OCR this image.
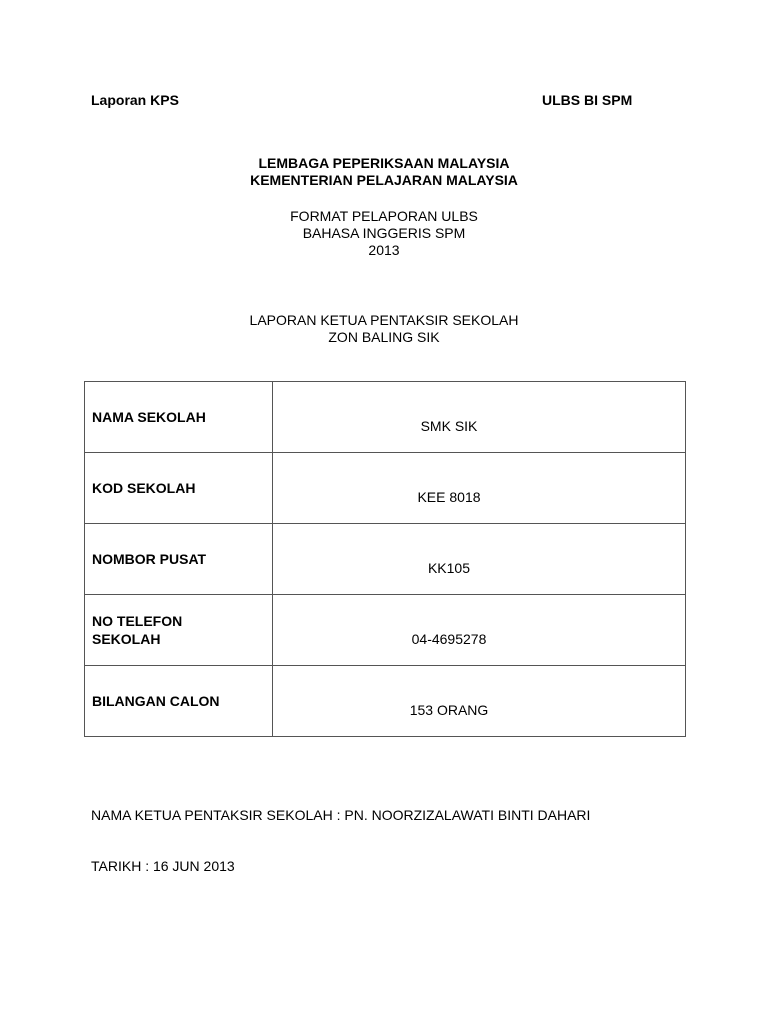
Laporan KPS	ULBS BI SPM
LEMBAGA PEPERIKSAAN MALAYSIA
KEMENTERIAN PELAJARAN MALAYSIA
FORMAT PELAPORAN ULBS
BAHASA INGGERIS SPM
2013
LAPORAN KETUA PENTAKSIR SEKOLAH
ZON BALING SIK
NAMA SEKOLAH	SMK SIK
KOD SEKOLAH	KEE 8018
NOMBOR PUSAT	KK105

NO TELEFON
SEKOLAH	04-4695278
BILANGAN CALON	153 ORANG
NAMA KETUA PENTAKSIR SEKOLAH : PN. NOORZIZALAWATI BINTI DAHARI
TARIKH : 16 JUN 2013
